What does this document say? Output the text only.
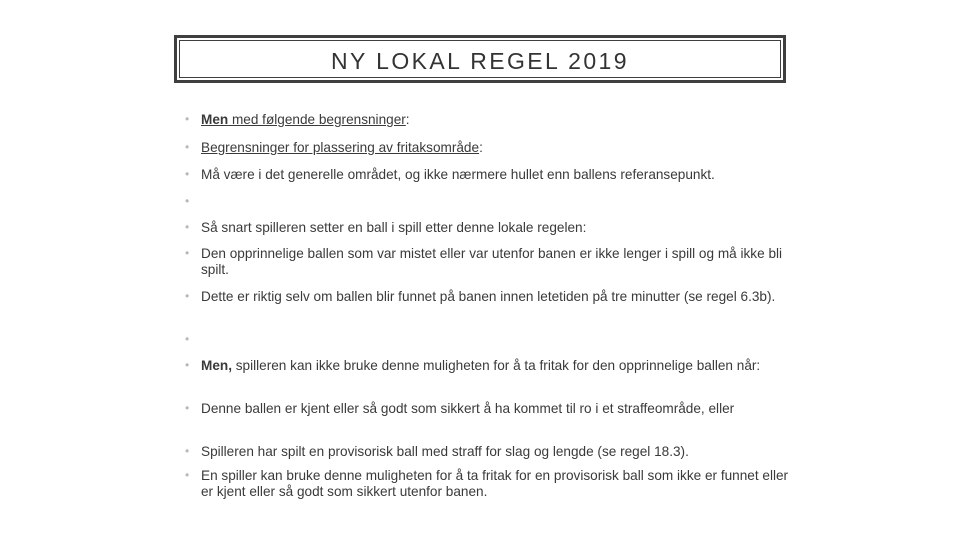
NY LOKAL REGEL 2019
• Men med følgende begrensninger:
• Begrensninger for plassering av fritaksområde:
• Må være i det generelle området, og ikke nærmere hullet enn ballens referansepunkt.
•
• Så snart spilleren setter en ball i spill etter denne lokale regelen:
• Den opprinnelige ballen som var mistet eller var utenfor banen er ikke lenger i spill og må ikke bli spilt.
• Dette er riktig selv om ballen blir funnet på banen innen letetiden på tre minutter (se regel 6.3b).
•
• Men, spilleren kan ikke bruke denne muligheten for å ta fritak for den opprinnelige ballen når:
• Denne ballen er kjent eller så godt som sikkert å ha kommet til ro i et straffeområde, eller
• Spilleren har spilt en provisorisk ball med straff for slag og lengde (se regel 18.3).
• En spiller kan bruke denne muligheten for å ta fritak for en provisorisk ball som ikke er funnet eller er kjent eller så godt som sikkert utenfor banen.
